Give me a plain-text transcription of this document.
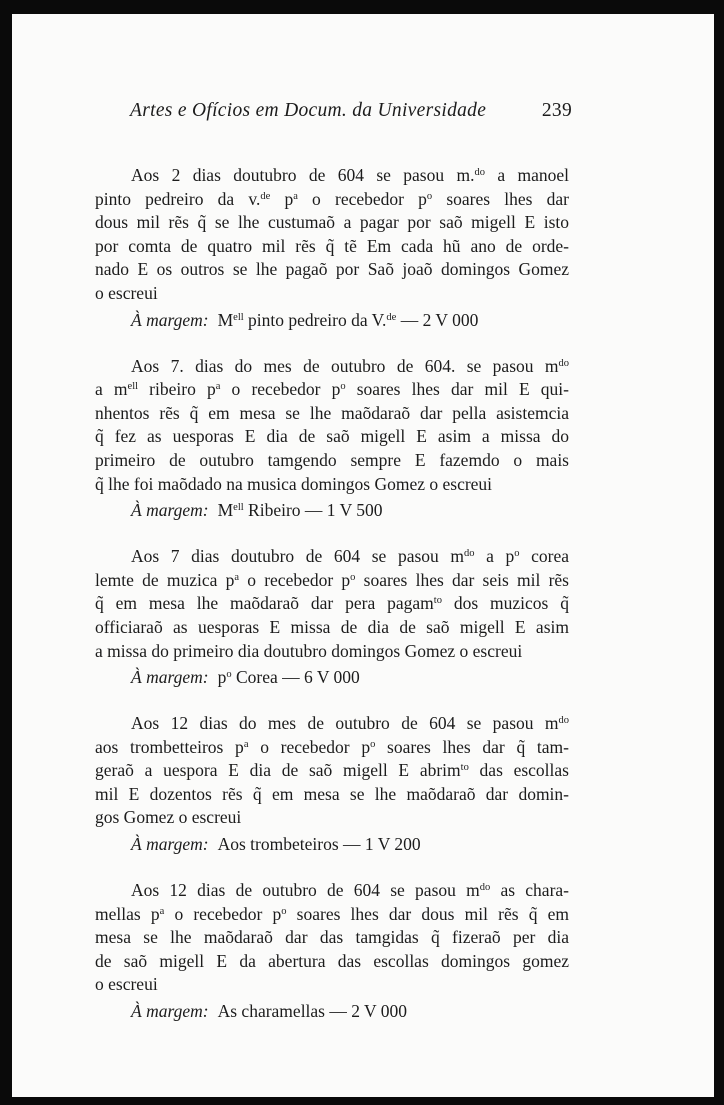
Artes e Ofícios em Docum. da Universidade	239
Aos 2 dias doutubro de 604 se pasou m.$^{do}$ a manoel
pinto pedreiro da v.$^{de}$ $p^a$ o recebedor $p^o$ soares lhes dar
dous mil rẽs q̃ se lhe custumaõ a pagar por saõ migell E isto
por comta de quatro mil rẽs q̃ tẽ Em cada hũ ano de orde-
nado E os outros se lhe pagaõ por Saõ joaõ domingos Gomez
o escreui
À margem: $M^{ell}$ pinto pedreiro da V.$^{de}$ — 2 V 000
Aos 7. dias do mes de outubro de 604. se pasou $m^{do}$
a $m^{ell}$ ribeiro $p^a$ o recebedor $p^o$ soares lhes dar mil E qui-
nhentos rẽs q̃ em mesa se lhe maõdaraõ dar pella asistemcia
q̃ fez as uesporas E dia de saõ migell E asim a missa do
primeiro de outubro tamgendo sempre E fazemdo o mais
q̃ lhe foi maõdado na musica domingos Gomez o escreui
À margem: $M^{ell}$ Ribeiro — 1 V 500
Aos 7 dias doutubro de 604 se pasou $m^{do}$ a $p^o$ corea
lemte de muzica $p^a$ o recebedor $p^o$ soares lhes dar seis mil rẽs
q̃ em mesa lhe maõdaraõ dar pera pagam$^{to}$ dos muzicos q̃
officiaraõ as uesporas E missa de dia de saõ migell E asim
a missa do primeiro dia doutubro domingos Gomez o escreui
À margem: $p^o$ Corea — 6 V 000
Aos 12 dias do mes de outubro de 604 se pasou $m^{do}$
aos trombetteiros $p^a$ o recebedor $p^o$ soares lhes dar q̃ tam-
geraõ a uespora E dia de saõ migell E abrim$^{to}$ das escollas
mil E dozentos rẽs q̃ em mesa se lhe maõdaraõ dar domin-
gos Gomez o escreui
À margem: Aos trombeteiros — 1 V 200
Aos 12 dias de outubro de 604 se pasou $m^{do}$ as chara-
mellas $p^a$ o recebedor $p^o$ soares lhes dar dous mil rẽs q̃ em
mesa se lhe maõdaraõ dar das tamgidas q̃ fizeraõ per dia
de saõ migell E da abertura das escollas domingos gomez
o escreui
À margem: As charamellas — 2 V 000
